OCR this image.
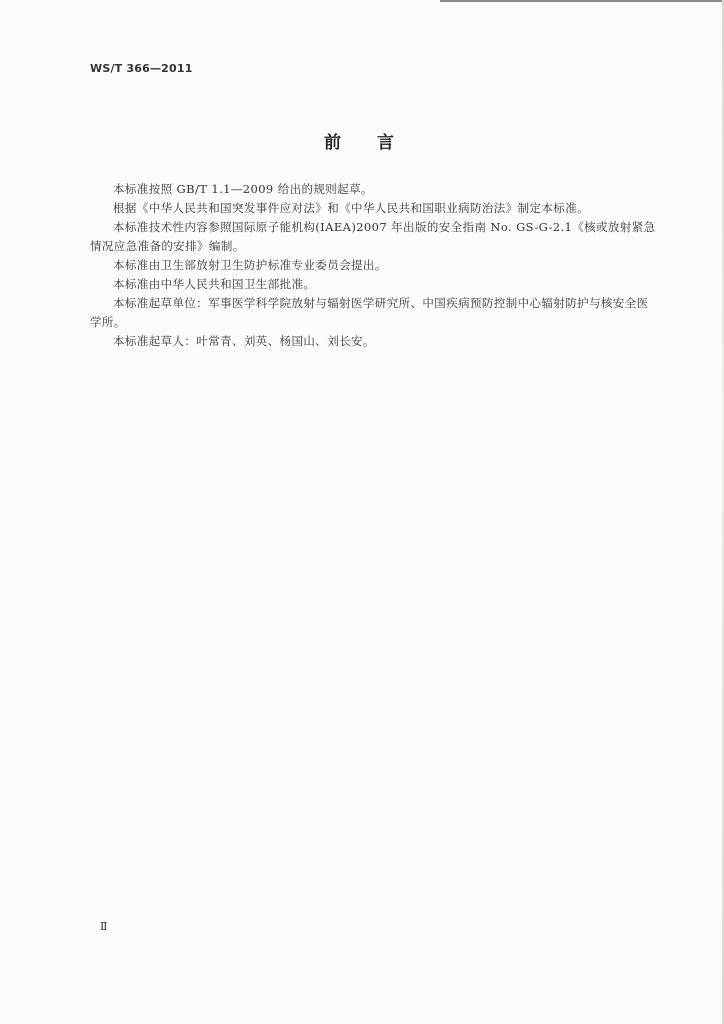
WS/T 366—2011
前言

本标准按照 GB/T 1.1—2009 给出的规则起草。

根据《中华人民共和国突发事件应对法》和《中华人民共和国职业病防治法》制定本标准。

本标准技术性内容参照国际原子能机构(IAEA)2007 年出版的安全指南 No. GS-G-2.1《核或放射紧急情况应急准备的安排》编制。

本标准由卫生部放射卫生防护标准专业委员会提出。

本标准由中华人民共和国卫生部批准。

本标准起草单位：军事医学科学院放射与辐射医学研究所、中国疾病预防控制中心辐射防护与核安全医学所。

本标准起草人：叶常青、刘英、杨国山、刘长安。

Ⅱ
